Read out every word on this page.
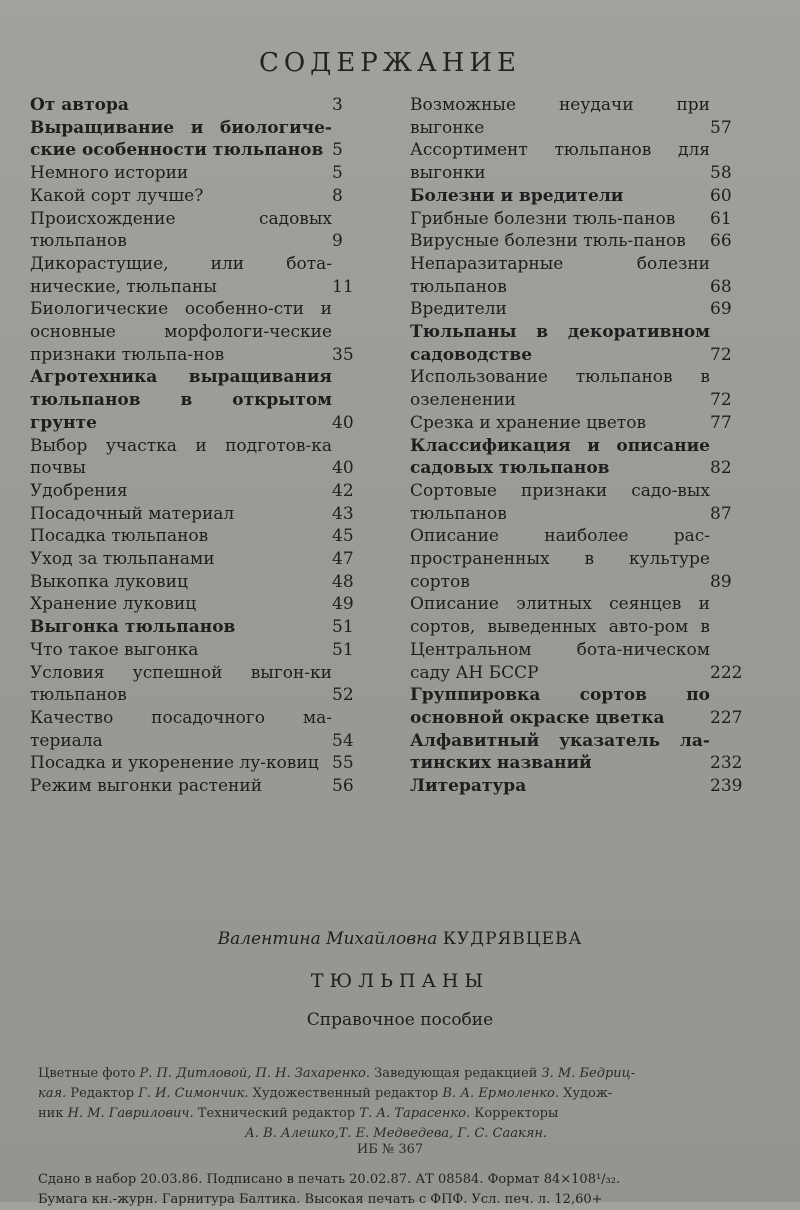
СОДЕРЖАНИЕ
От автора	3
Выращивание и биологиче-ские особенности тюльпанов 5
Немного истории	5
Какой сорт лучше?	8
Происхождение садовых тюльпанов	9
Дикорастущие, или бота-нические, тюльпаны	11
Биологические особенно-сти и основные морфологи-ческие признаки тюльпа-нов	35
Агротехника выращивания тюльпанов в открытом грунте	40
Выбор участка и подготов-ка почвы	40
Удобрения	42
Посадочный материал	43
Посадка тюльпанов	45
Уход за тюльпанами	47
Выкопка луковиц	48
Хранение луковиц	49
Выгонка тюльпанов	51
Что такое выгонка	51
Условия успешной выгон-ки тюльпанов	52
Качество посадочного ма-териала	54
Посадка и укоренение лу-ковиц 55
Режим выгонки растений	56
Возможные неудачи при выгонке	57
Ассортимент тюльпанов для выгонки	58
Болезни и вредители	60
Грибные болезни тюль-панов	61
Вирусные болезни тюль-панов	66
Непаразитарные болезни тюльпанов	68
Вредители	69
Тюльпаны в декоративном садоводстве	72
Использование тюльпанов в озеленении	72
Срезка и хранение цветов	77
Классификация и описание садовых тюльпанов	82
Сортовые признаки садо-вых тюльпанов	87
Описание наиболее рас-пространенных в культуре сортов	89
Описание элитных сеянцев и сортов, выведенных авто-ром в Центральном бота-ническом саду АН БССР	222
Группировка сортов по основной окраске цветка	227
Алфавитный указатель ла-тинских названий	232
Литература	239
Валентина Михайловна КУДРЯВЦЕВА
ТЮЛЬПАНЫ
Справочное пособие
Цветные фото Р. П. Дитловой, П. Н. Захаренко. Заведующая редакцией З. М. Бедриц-
кая. Редактор Г. И. Симончик. Художественный редактор В. А. Ермоленко. Худож-
ник Н. М. Гаврилович. Технический редактор Т. А. Тарасенко. Корректоры
А. В. Алешко,Т. Е. Медведева, Г. С. Саакян.
ИБ № 367
Сдано в набор 20.03.86. Подписано в печать 20.02.87. АТ 08584. Формат 84×108¹/₃₂.
Бумага кн.-журн. Гарнитура Балтика. Высокая печать с ФПФ. Усл. печ. л. 12,60+
